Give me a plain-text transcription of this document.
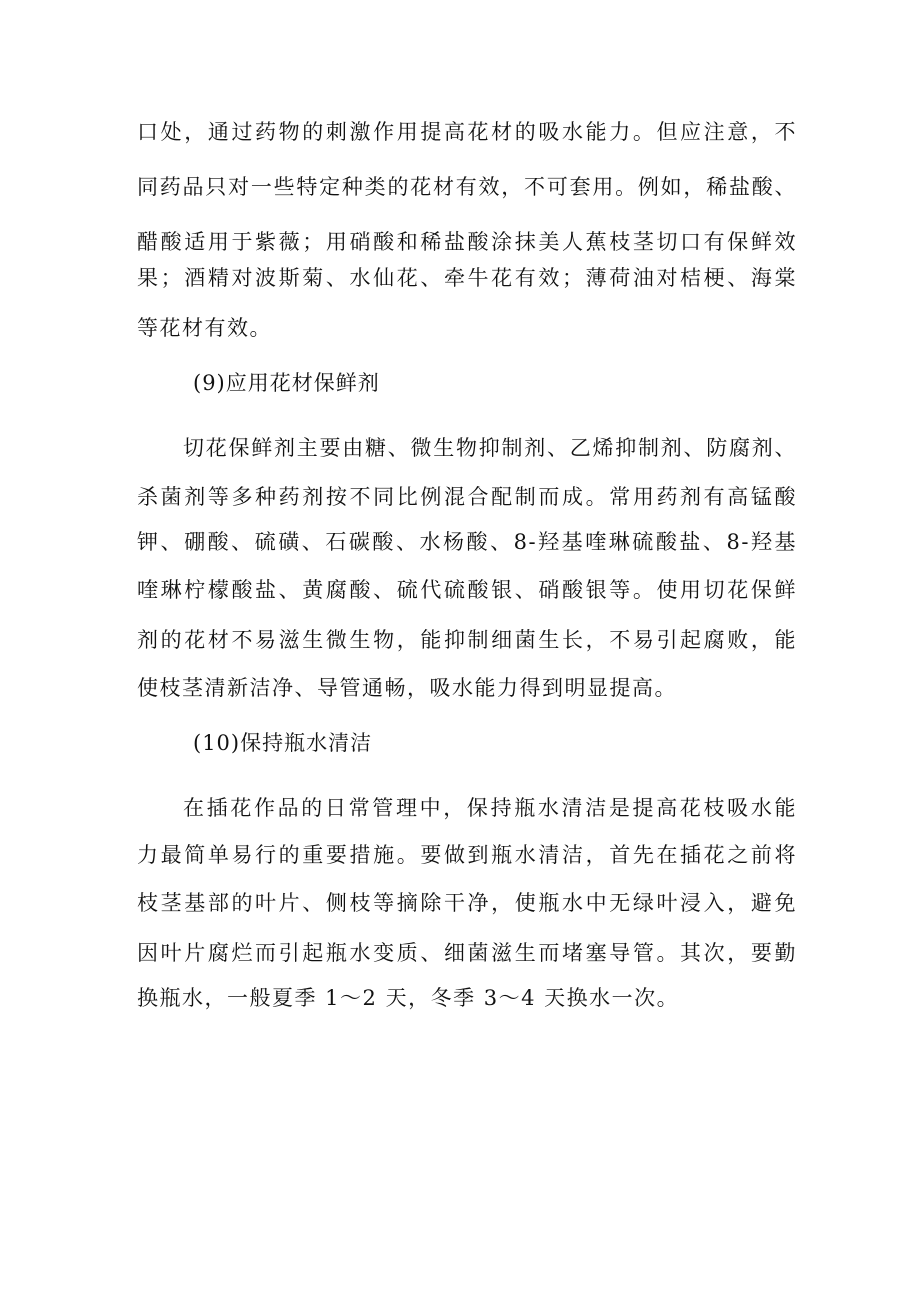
口处，通过药物的刺激作用提高花材的吸水能力。但应注意，不
同药品只对一些特定种类的花材有效，不可套用。例如，稀盐酸、
醋酸适用于紫薇；用硝酸和稀盐酸涂抹美人蕉枝茎切口有保鲜效
果；酒精对波斯菊、水仙花、牵牛花有效；薄荷油对桔梗、海棠
等花材有效。
(9)应用花材保鲜剂
切花保鲜剂主要由糖、微生物抑制剂、乙烯抑制剂、防腐剂、
杀菌剂等多种药剂按不同比例混合配制而成。常用药剂有高锰酸
钾、硼酸、硫磺、石碳酸、水杨酸、8-羟基喹琳硫酸盐、8-羟基
喹琳柠檬酸盐、黄腐酸、硫代硫酸银、硝酸银等。使用切花保鲜
剂的花材不易滋生微生物，能抑制细菌生长，不易引起腐败，能
使枝茎清新洁净、导管通畅，吸水能力得到明显提高。
(10)保持瓶水清洁
在插花作品的日常管理中，保持瓶水清洁是提高花枝吸水能
力最简单易行的重要措施。要做到瓶水清洁，首先在插花之前将
枝茎基部的叶片、侧枝等摘除干净，使瓶水中无绿叶浸入，避免
因叶片腐烂而引起瓶水变质、细菌滋生而堵塞导管。其次，要勤
换瓶水，一般夏季 1～2 天，冬季 3～4 天换水一次。
